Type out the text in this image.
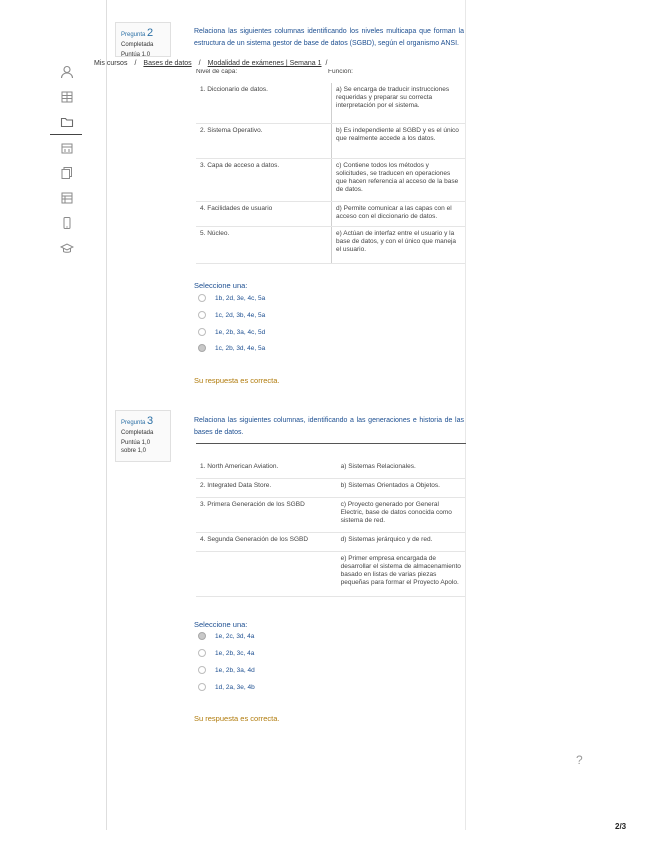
Mis cursos / Bases de datos / Modalidad de exámenes | Semana 1 /
Pregunta 2
Completada
Puntúa 1,0
Relaciona las siguientes columnas identificando los niveles multicapa que forman la estructura de un sistema gestor de base de datos (SGBD), según el organismo ANSI.
Nivel de capa:	Función:
1. Diccionario de datos.	a) Se encarga de traducir instrucciones requeridas y preparar su correcta interpretación por el sistema.
2. Sistema Operativo.	b) Es independiente al SGBD y es el único que realmente accede a los datos.
3. Capa de acceso a datos.	c) Contiene todos los métodos y solicitudes, se traducen en operaciones que hacen referencia al acceso de la base de datos.
4. Facilidades de usuario	d) Permite comunicar a las capas con el acceso con el diccionario de datos.
5. Núcleo.	e) Actúan de interfaz entre el usuario y la base de datos, y con el único que maneja el usuario.
Seleccione una:
1b, 2d, 3e, 4c, 5a
1c, 2d, 3b, 4e, 5a
1e, 2b, 3a, 4c, 5d
1c, 2b, 3d, 4e, 5a
Su respuesta es correcta.
Pregunta 3
Completada
Puntúa 1,0 sobre 1,0
Relaciona las siguientes columnas, identificando a las generaciones e historia de las bases de datos.
1. North American Aviation.	a) Sistemas Relacionales.
2. Integrated Data Store.	b) Sistemas Orientados a Objetos.
3. Primera Generación de los SGBD	c) Proyecto generado por General Electric, base de datos conocida como sistema de red.
4. Segunda Generación de los SGBD	d) Sistemas jerárquico y de red.
	e) Primer empresa encargada de desarrollar el sistema de almacenamiento basado en listas de varias piezas pequeñas para formar el Proyecto Apolo.
Seleccione una:
1e, 2c, 3d, 4a
1e, 2b, 3c, 4a
1e, 2b, 3a, 4d
1d, 2a, 3e, 4b
Su respuesta es correcta.
?
2/3
